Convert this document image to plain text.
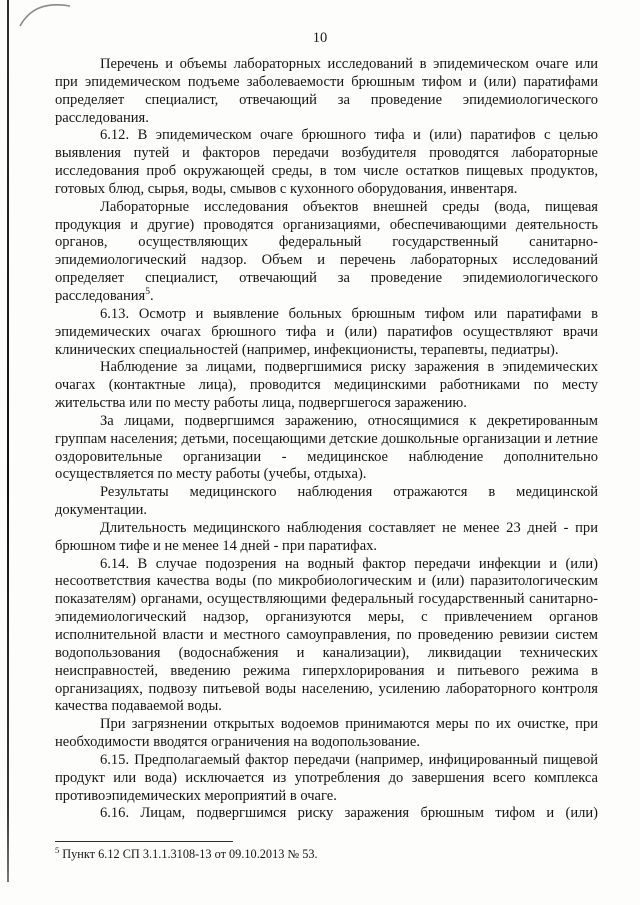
10

Перечень и объемы лабораторных исследований в эпидемическом очаге или при эпидемическом подъеме заболеваемости брюшным тифом и (или) паратифами определяет специалист, отвечающий за проведение эпидемиологического расследования.

6.12. В эпидемическом очаге брюшного тифа и (или) паратифов с целью выявления путей и факторов передачи возбудителя проводятся лабораторные исследования проб окружающей среды, в том числе остатков пищевых продуктов, готовых блюд, сырья, воды, смывов с кухонного оборудования, инвентаря.

Лабораторные исследования объектов внешней среды (вода, пищевая продукция и другие) проводятся организациями, обеспечивающими деятельность органов, осуществляющих федеральный государственный санитарно-эпидемиологический надзор. Объем и перечень лабораторных исследований определяет специалист, отвечающий за проведение эпидемиологического расследования$^5$.

6.13. Осмотр и выявление больных брюшным тифом или паратифами в эпидемических очагах брюшного тифа и (или) паратифов осуществляют врачи клинических специальностей (например, инфекционисты, терапевты, педиатры).

Наблюдение за лицами, подвергшимися риску заражения в эпидемических очагах (контактные лица), проводится медицинскими работниками по месту жительства или по месту работы лица, подвергшегося заражению.

За лицами, подвергшимся заражению, относящимися к декретированным группам населения; детьми, посещающими детские дошкольные организации и летние оздоровительные организации - медицинское наблюдение дополнительно осуществляется по месту работы (учебы, отдыха).

Результаты медицинского наблюдения отражаются в медицинской документации.

Длительность медицинского наблюдения составляет не менее 23 дней - при брюшном тифе и не менее 14 дней - при паратифах.

6.14. В случае подозрения на водный фактор передачи инфекции и (или) несоответствия качества воды (по микробиологическим и (или) паразитологическим показателям) органами, осуществляющими федеральный государственный санитарно-эпидемиологический надзор, организуются меры, с привлечением органов исполнительной власти и местного самоуправления, по проведению ревизии систем водопользования (водоснабжения и канализации), ликвидации технических неисправностей, введению режима гиперхлорирования и питьевого режима в организациях, подвозу питьевой воды населению, усилению лабораторного контроля качества подаваемой воды.

При загрязнении открытых водоемов принимаются меры по их очистке, при необходимости вводятся ограничения на водопользование.

6.15. Предполагаемый фактор передачи (например, инфицированный пищевой продукт или вода) исключается из употребления до завершения всего комплекса противоэпидемических мероприятий в очаге.

6.16. Лицам, подвергшимся риску заражения брюшным тифом и (или)

$^5$ Пункт 6.12 СП 3.1.1.3108-13 от 09.10.2013 № 53.
